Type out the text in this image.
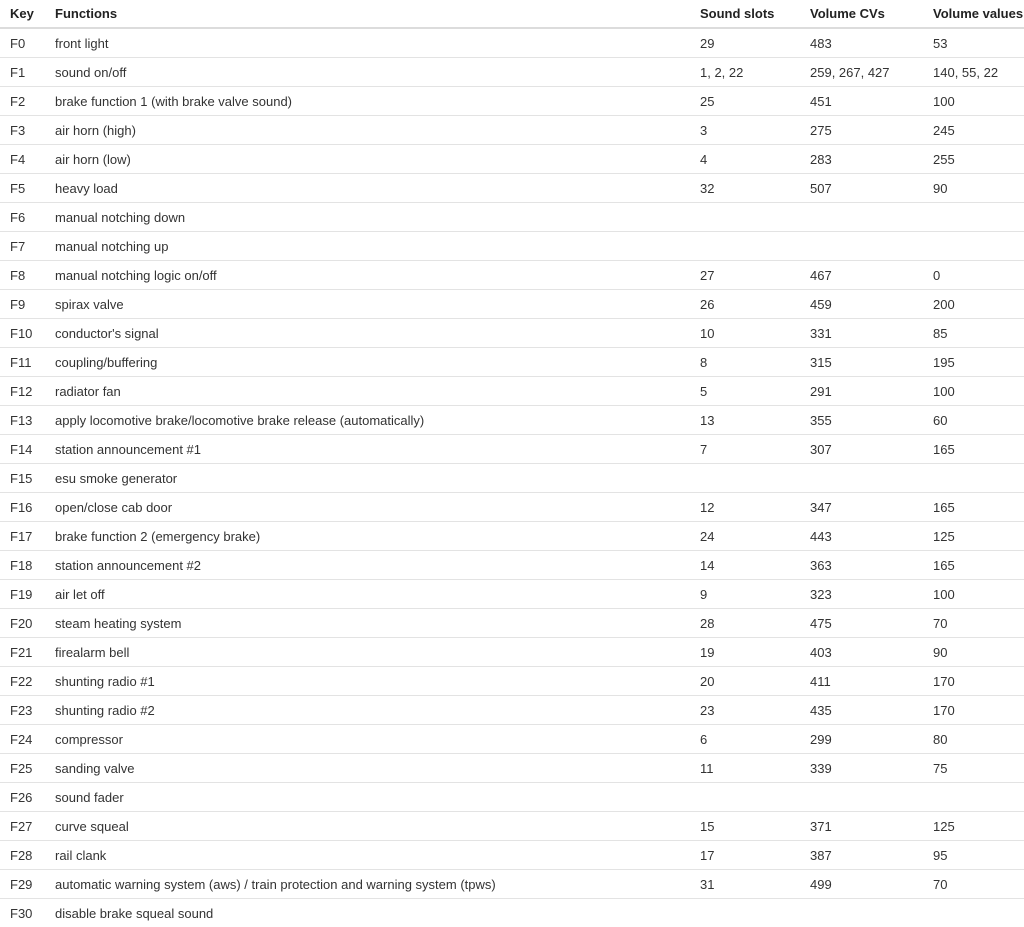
Key	Functions	Sound slots	Volume CVs	Volume values
F0	front light	29	483	53
F1	sound on/off	1, 2, 22	259, 267, 427	140, 55, 22
F2	brake function 1 (with brake valve sound)	25	451	100
F3	air horn (high)	3	275	245
F4	air horn (low)	4	283	255
F5	heavy load	32	507	90
F6	manual notching down			
F7	manual notching up			
F8	manual notching logic on/off	27	467	0
F9	spirax valve	26	459	200
F10	conductor's signal	10	331	85
F11	coupling/buffering	8	315	195
F12	radiator fan	5	291	100
F13	apply locomotive brake/locomotive brake release (automatically)	13	355	60
F14	station announcement #1	7	307	165
F15	esu smoke generator			
F16	open/close cab door	12	347	165
F17	brake function 2 (emergency brake)	24	443	125
F18	station announcement #2	14	363	165
F19	air let off	9	323	100
F20	steam heating system	28	475	70
F21	firealarm bell	19	403	90
F22	shunting radio #1	20	411	170
F23	shunting radio #2	23	435	170
F24	compressor	6	299	80
F25	sanding valve	11	339	75
F26	sound fader			
F27	curve squeal	15	371	125
F28	rail clank	17	387	95
F29	automatic warning system (aws) / train protection and warning system (tpws)	31	499	70
F30	disable brake squeal sound			
